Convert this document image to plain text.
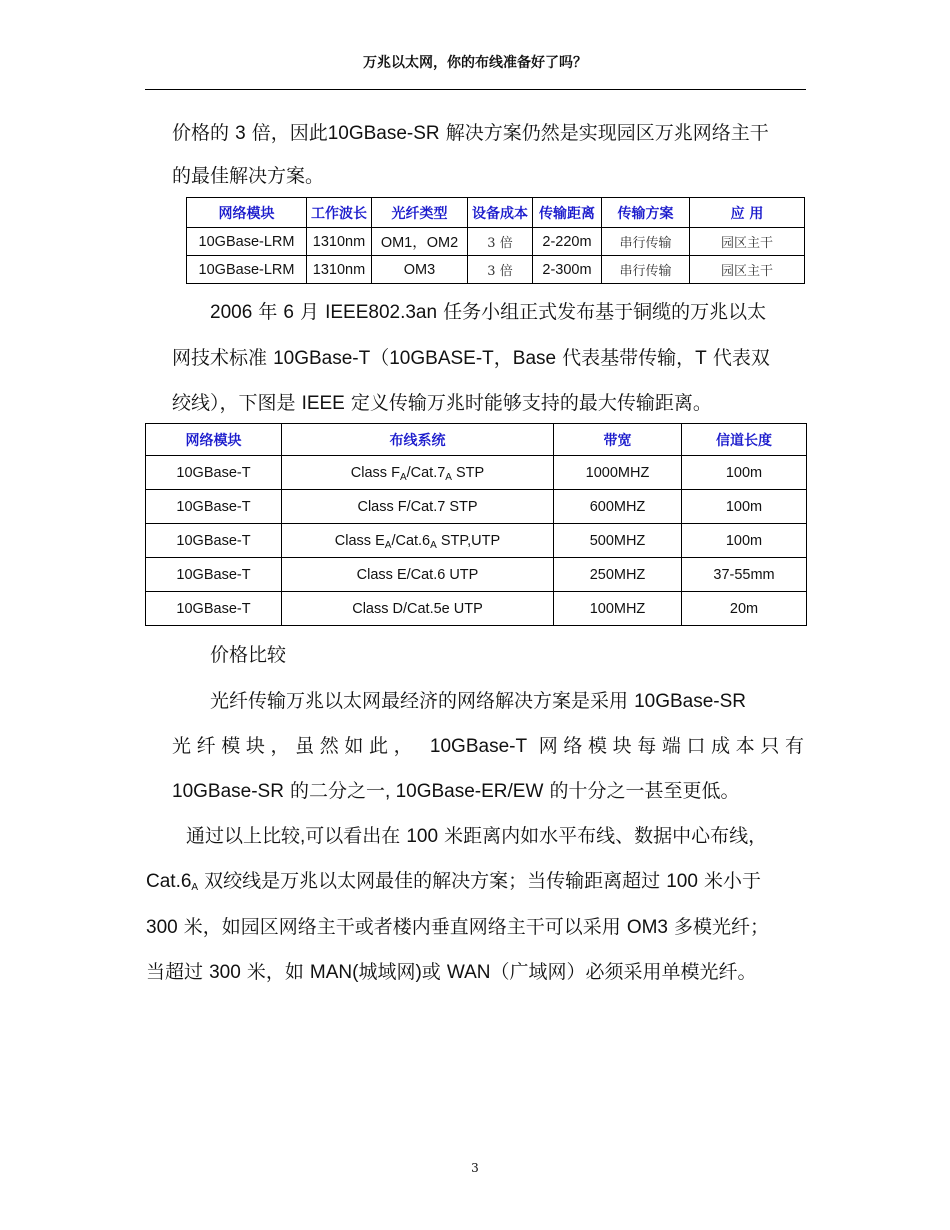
万兆以太网，你的布线准备好了吗？
价格的 3 倍，因此10GBase-SR 解决方案仍然是实现园区万兆网络主干
的最佳解决方案。
网络模块	工作波长	光纤类型	设备成本	传输距离	传输方案	应 用
10GBase-LRM	1310nm	OM1，OM2	3 倍	2-220m	串行传输	园区主干
10GBase-LRM	1310nm	OM3	3 倍	2-300m	串行传输	园区主干
2006 年 6 月 IEEE802.3an 任务小组正式发布基于铜缆的万兆以太
网技术标准 10GBase-T（10GBASE-T，Base 代表基带传输，T 代表双
绞线），下图是 IEEE 定义传输万兆时能够支持的最大传输距离。
网络模块	布线系统	带宽	信道长度
10GBase-T	Class $F_A/Cat.7_A$ STP	1000MHZ	100m
10GBase-T	Class F/Cat.7 STP	600MHZ	100m
10GBase-T	Class $E_A/Cat.6_A$ STP,UTP	500MHZ	100m
10GBase-T	Class E/Cat.6 UTP	250MHZ	37-55mm
10GBase-T	Class D/Cat.5e UTP	100MHZ	20m
价格比较
光纤传输万兆以太网最经济的网络解决方案是采用 10GBase-SR
光纤模块，虽然如此， 10GBase-T 网络模块每端口成本只有
10GBase-SR 的二分之一, 10GBase-ER/EW 的十分之一甚至更低。
通过以上比较,可以看出在 100 米距离内如水平布线、数据中心布线，
$Cat.6_A$ 双绞线是万兆以太网最佳的解决方案；当传输距离超过 100 米小于
300 米，如园区网络主干或者楼内垂直网络主干可以采用 OM3 多模光纤；
当超过 300 米，如 MAN(城域网)或 WAN（广域网）必须采用单模光纤。
3
